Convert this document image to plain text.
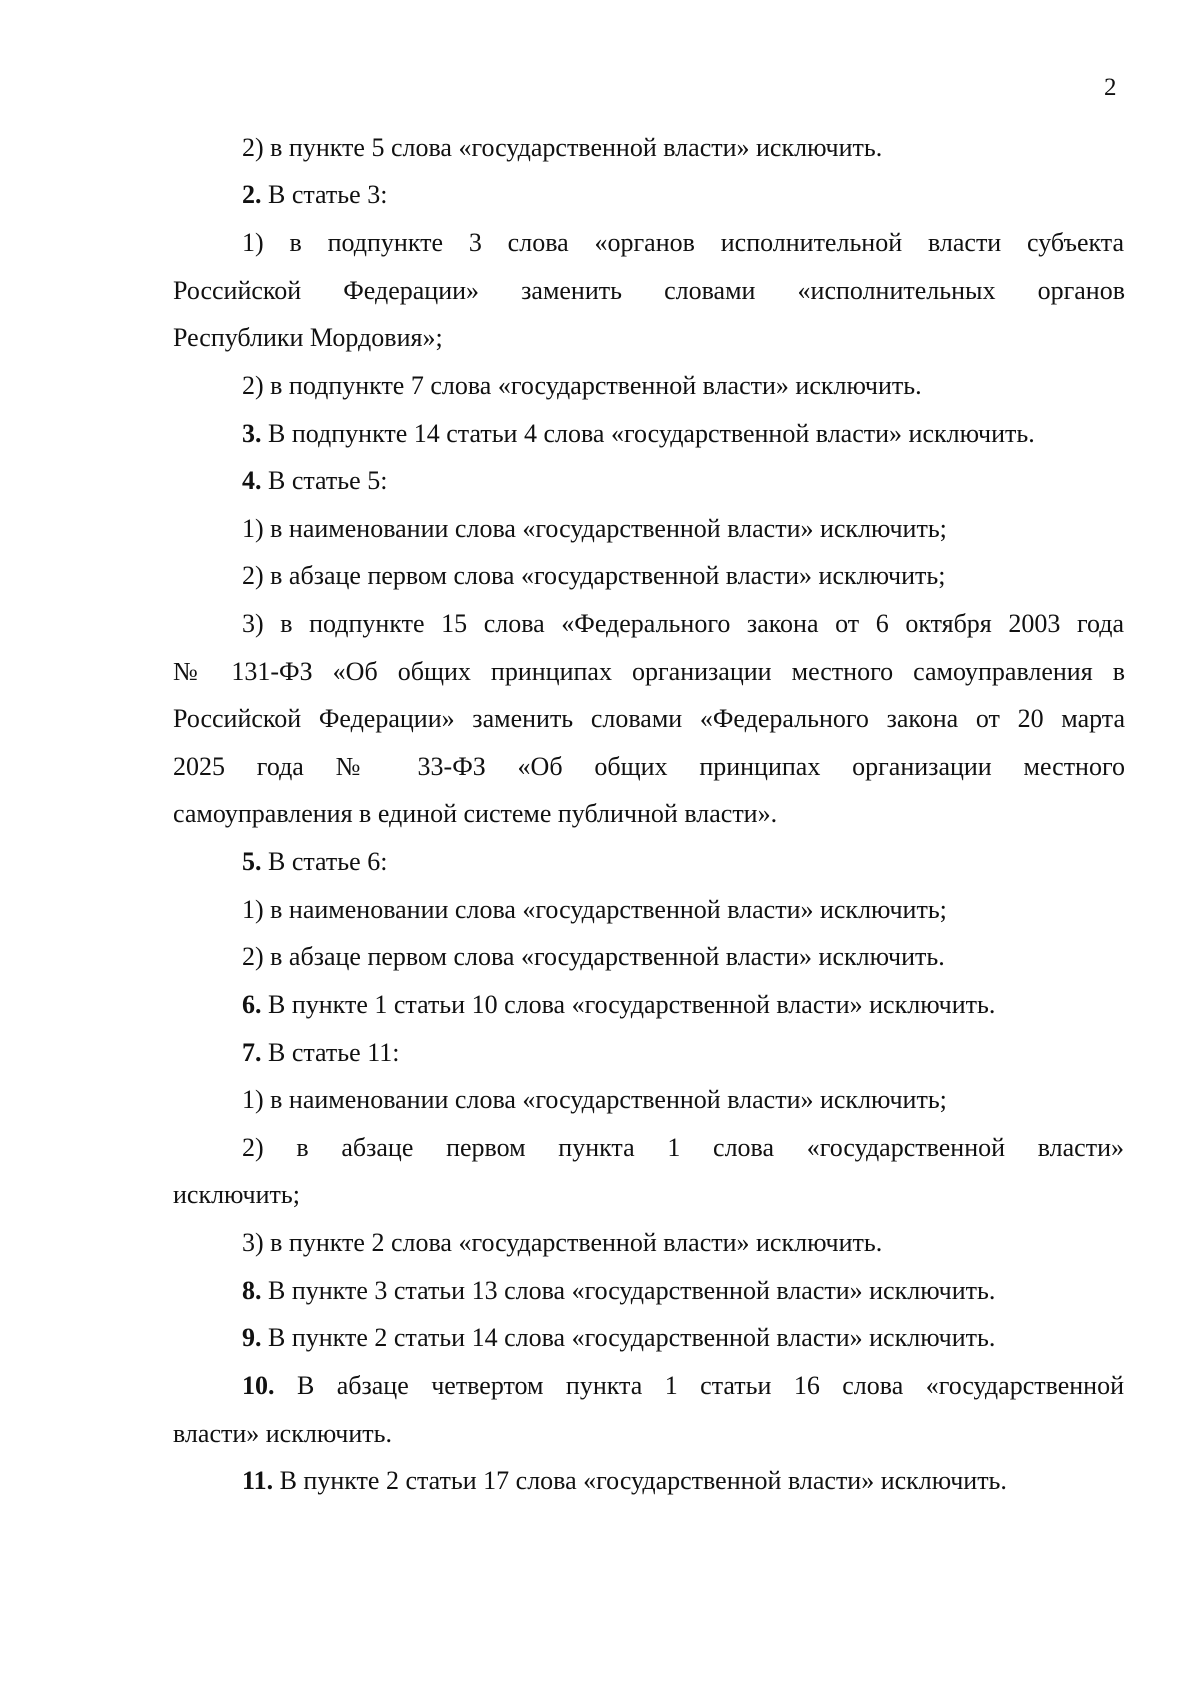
2

2) в пункте 5 слова «государственной власти» исключить.

2. В статье 3:

1) в подпункте 3 слова «органов исполнительной власти субъекта

Российской Федерации» заменить словами «исполнительных органов

Республики Мордовия»;

2) в подпункте 7 слова «государственной власти» исключить.

3. В подпункте 14 статьи 4 слова «государственной власти» исключить.

4. В статье 5:

1) в наименовании слова «государственной власти» исключить;

2) в абзаце первом слова «государственной власти» исключить;

3) в подпункте 15 слова «Федерального закона от 6 октября 2003 года

№ 131-ФЗ «Об общих принципах организации местного самоуправления в

Российской Федерации» заменить словами «Федерального закона от 20 марта

2025 года № 33-ФЗ «Об общих принципах организации местного

самоуправления в единой системе публичной власти».

5. В статье 6:

1) в наименовании слова «государственной власти» исключить;

2) в абзаце первом слова «государственной власти» исключить.

6. В пункте 1 статьи 10 слова «государственной власти» исключить.

7. В статье 11:

1) в наименовании слова «государственной власти» исключить;

2) в абзаце первом пункта 1 слова «государственной власти»

исключить;

3) в пункте 2 слова «государственной власти» исключить.

8. В пункте 3 статьи 13 слова «государственной власти» исключить.

9. В пункте 2 статьи 14 слова «государственной власти» исключить.

10. В абзаце четвертом пункта 1 статьи 16 слова «государственной

власти» исключить.

11. В пункте 2 статьи 17 слова «государственной власти» исключить.
